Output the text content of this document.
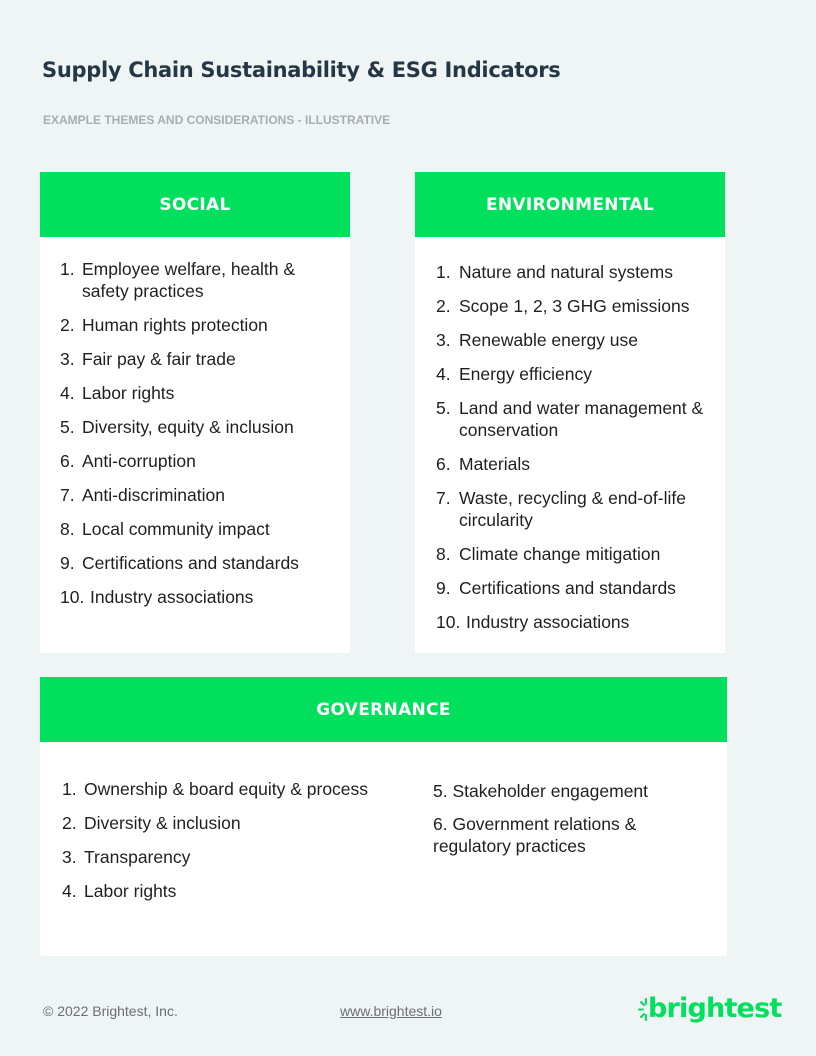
Supply Chain Sustainability & ESG Indicators
EXAMPLE THEMES AND CONSIDERATIONS - ILLUSTRATIVE
SOCIAL
1. Employee welfare, health & safety practices
2. Human rights protection
3. Fair pay & fair trade
4. Labor rights
5. Diversity, equity & inclusion
6. Anti-corruption
7. Anti-discrimination
8. Local community impact
9. Certifications and standards
10. Industry associations
ENVIRONMENTAL
1. Nature and natural systems
2. Scope 1, 2, 3 GHG emissions
3. Renewable energy use
4. Energy efficiency
5. Land and water management & conservation
6. Materials
7. Waste, recycling & end-of-life circularity
8. Climate change mitigation
9. Certifications and standards
10. Industry associations
GOVERNANCE
1. Ownership & board equity & process
2. Diversity & inclusion
3. Transparency
4. Labor rights
5. Stakeholder engagement
6. Government relations & regulatory practices
© 2022 Brightest, Inc.	www.brightest.io	brightest
